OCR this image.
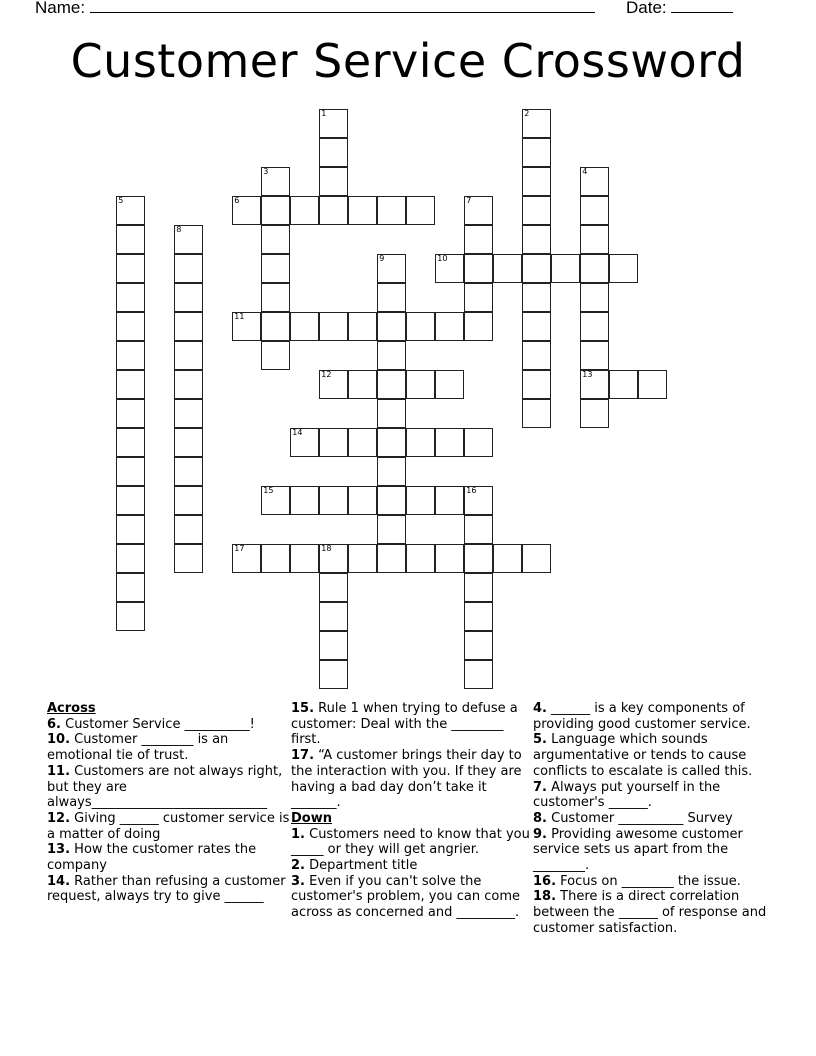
Name:	Date:
Customer Service Crossword
1	2
3	4
13
5	6	7
8
9	10
11
12
14
15	16
17	18
Across
6. Customer Service __________!
10. Customer ________ is an emotional tie of trust.
11. Customers are not always right, but they are always___________________________
12. Giving ______ customer service is a matter of doing
13. How the customer rates the company
14. Rather than refusing a customer request, always try to give ______
15. Rule 1 when trying to defuse a customer: Deal with the ________ first.
17. “A customer brings their day to the interaction with you. If they are having a bad day don’t take it _______.
Down
1. Customers need to know that you _____ or they will get angrier.
2. Department title
3. Even if you can't solve the customer's problem, you can come across as concerned and _________.
4. ______ is a key components of providing good customer service.
5. Language which sounds argumentative or tends to cause conflicts to escalate is called this.
7. Always put yourself in the customer's ______.
8. Customer __________ Survey
9. Providing awesome customer service sets us apart from the ________.
16. Focus on ________ the issue.
18. There is a direct correlation between the ______ of response and customer satisfaction.
